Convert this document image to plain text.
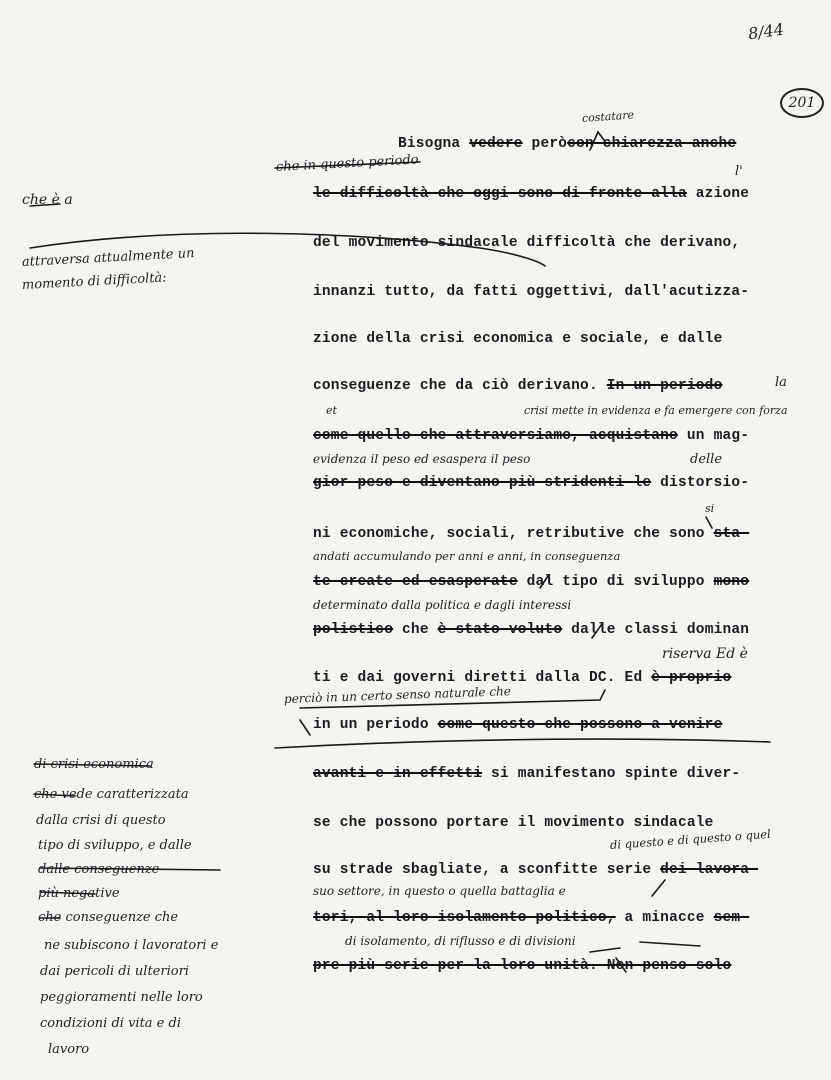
8/44
201
Bisogna vedere peròcon chiarezza anche
le difficoltà che oggi sono di fronte alla azione
del movimento sindacale difficoltà che derivano,
innanzi tutto, da fatti oggettivi, dall'acutizza-
zione della crisi economica e sociale, e dalle
conseguenze che da ciò derivano. In un periodo
come quello che attraversiamo, acquistano un mag-
gior peso e diventano più stridenti le distorsio-
ni economiche, sociali, retributive che sono sta-
te create ed esasperate dal tipo di sviluppo mono
polistico che è stato voluto dalle classi dominan
ti e dai governi diretti dalla DC. Ed è proprio
in un periodo come questo che possono a venire
avanti e in effetti si manifestano spinte diver-
se che possono portare il movimento sindacale
su strade sbagliate, a sconfitte serie dei lavora-
tori, al loro isolamento politico, a minacce sem-
pre più serie per la loro unità. Non penso solo
costatare
che in questo periodo	l'
la
et	crisi mette in evidenza e fa emergere con forza
evidenza il peso ed esaspera il peso	delle
si
andati accumulando per anni e anni, in conseguenza
determinato dalla politica e dagli interessi
riserva Ed è
perciò in un certo senso naturale che
di questo e di questo o quel
suo settore, in questo o quella battaglia e
di isolamento, di riflusso e di divisioni
che è a
attraversa attualmente un
momento di difficoltà:
di crisi economica
che vede caratterizzata
dalla crisi di questo
tipo di sviluppo, e dalle
dalle conseguenze
più negative
che conseguenze che
ne subiscono i lavoratori e
dai pericoli di ulteriori
peggioramenti nelle loro
condizioni di vita e di
lavoro
